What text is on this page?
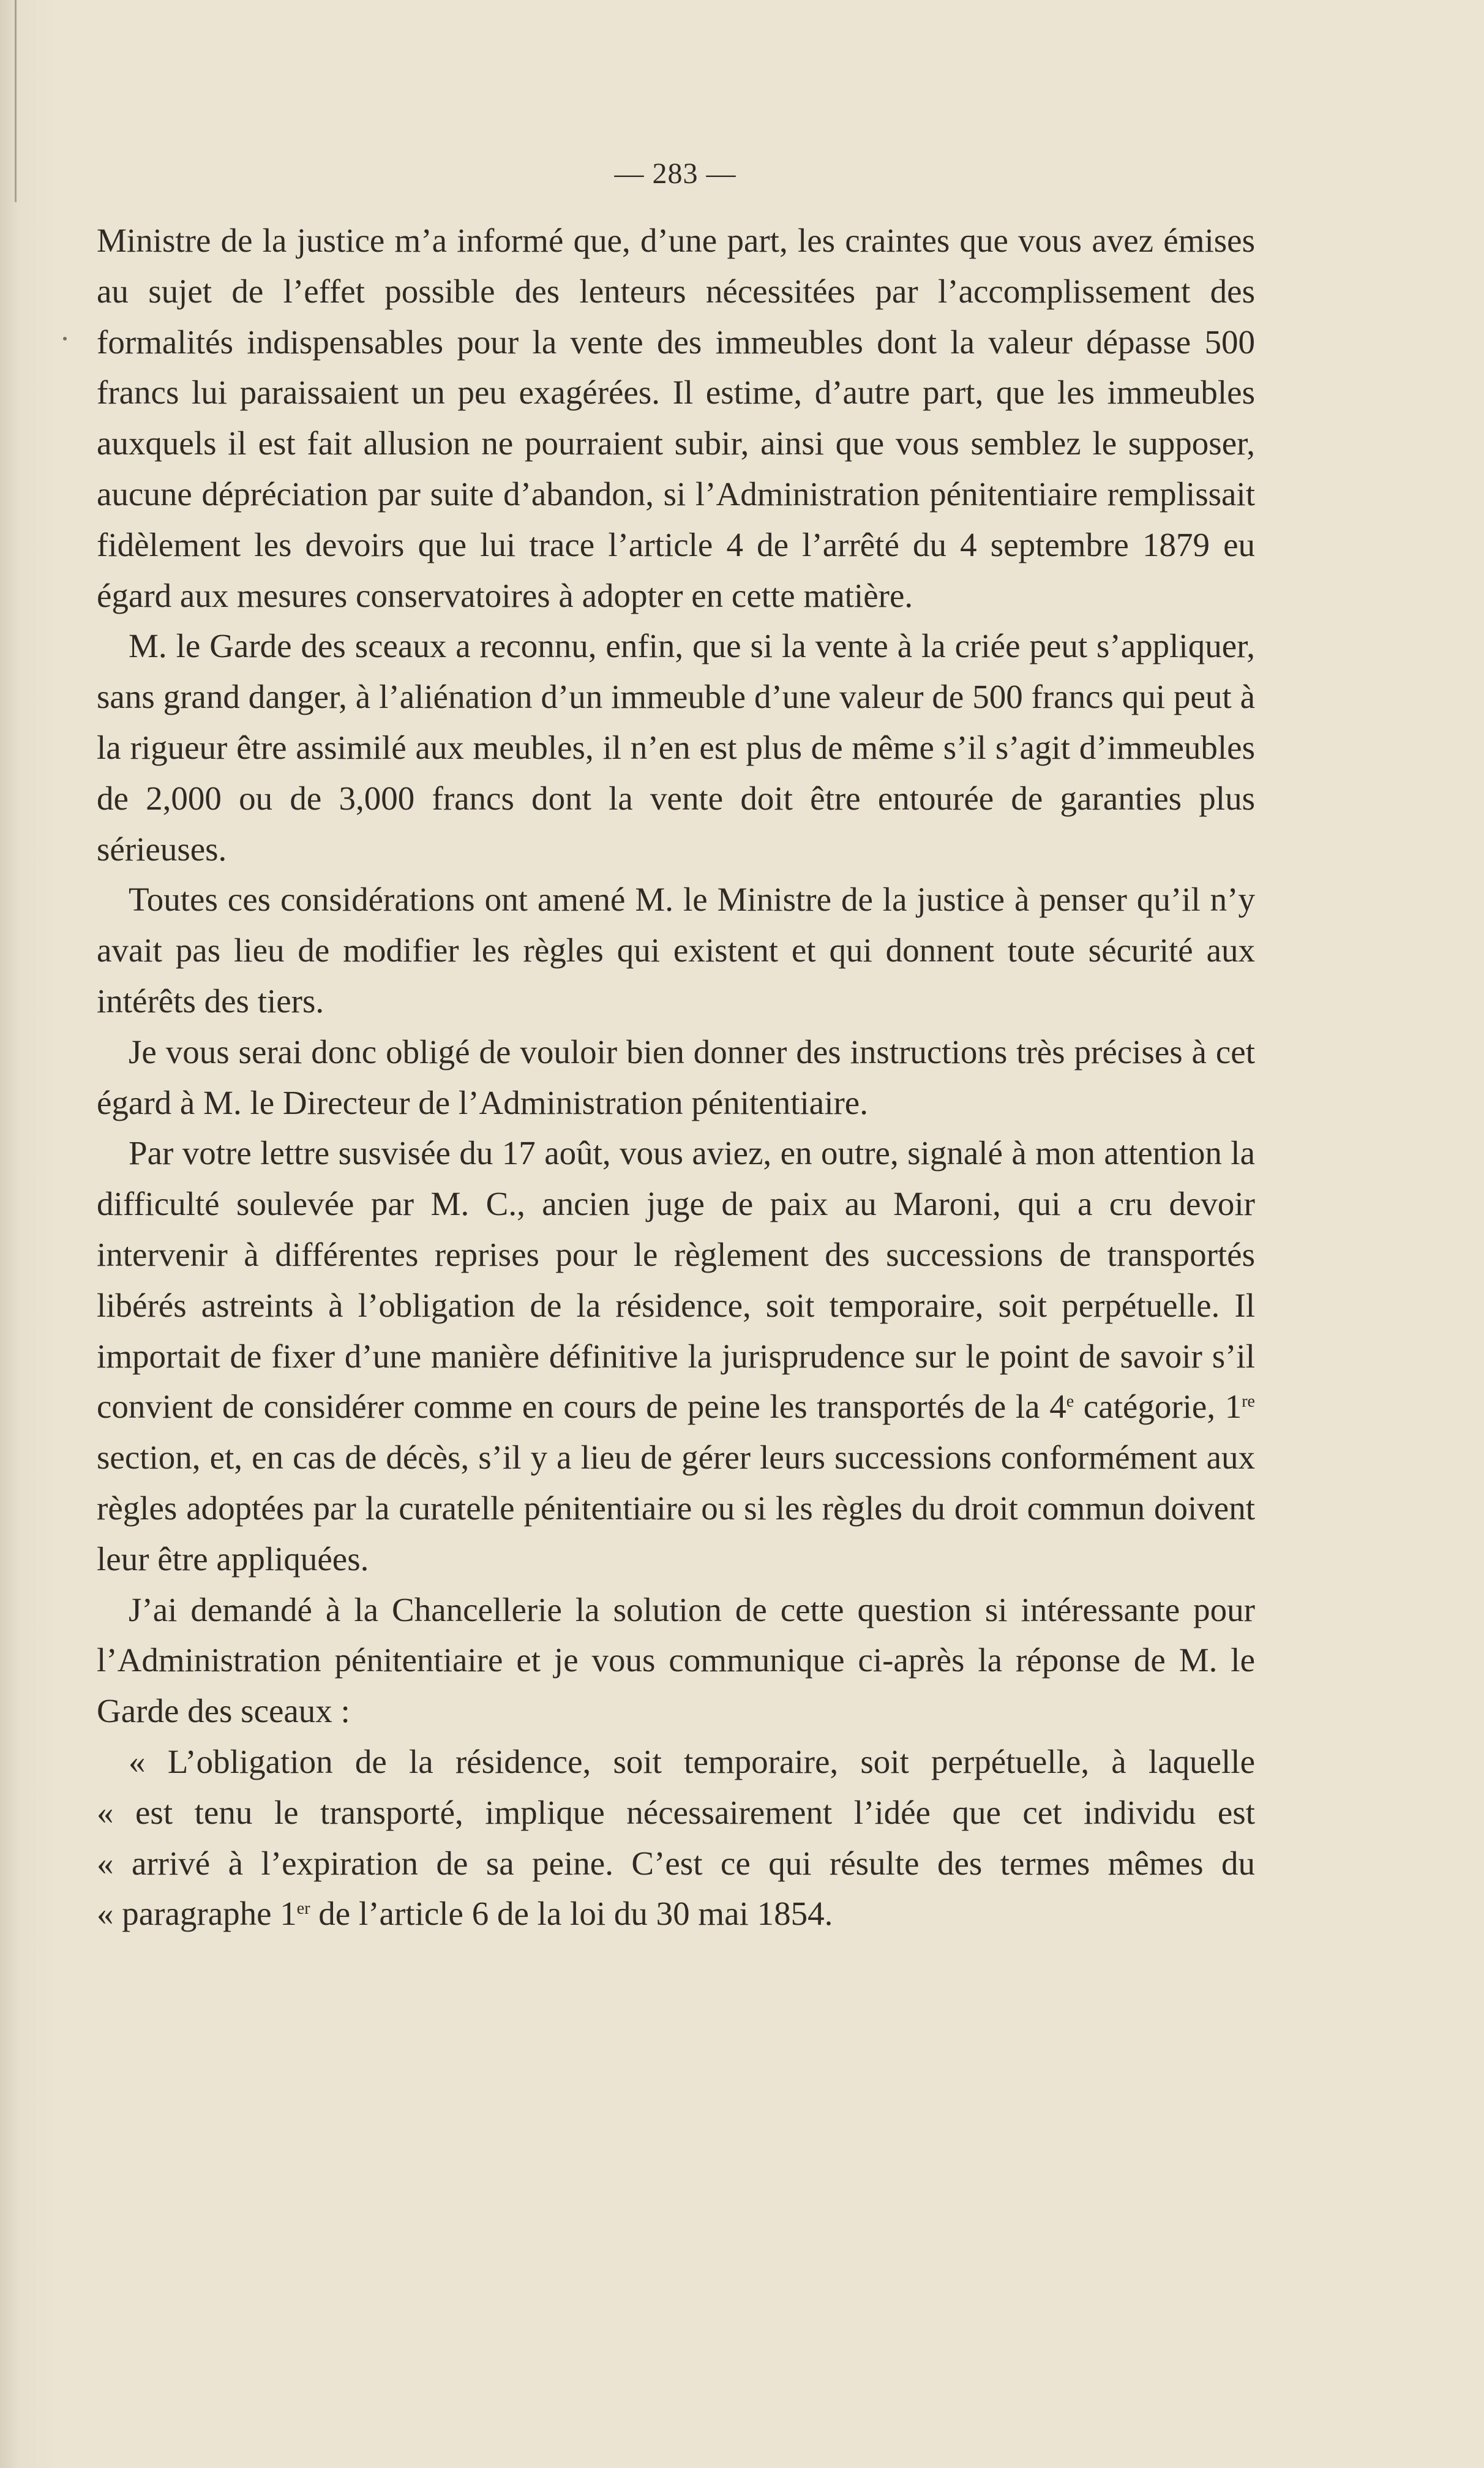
— 283 —

Ministre de la justice m’a informé que, d’une part, les craintes que vous avez émises au sujet de l’effet possible des lenteurs nécessitées par l’accomplissement des formalités indispensables pour la vente des immeubles dont la valeur dépasse 500 francs lui paraissaient un peu exagérées. Il estime, d’autre part, que les immeubles auxquels il est fait allusion ne pourraient subir, ainsi que vous semblez le supposer, aucune dépréciation par suite d’abandon, si l’Administration pénitentiaire remplissait fidèlement les devoirs que lui trace l’article 4 de l’arrêté du 4 septembre 1879 eu égard aux mesures conservatoires à adopter en cette matière.

M. le Garde des sceaux a reconnu, enfin, que si la vente à la criée peut s’appliquer, sans grand danger, à l’aliénation d’un immeuble d’une valeur de 500 francs qui peut à la rigueur être assimilé aux meubles, il n’en est plus de même s’il s’agit d’immeubles de 2,000 ou de 3,000 francs dont la vente doit être entourée de garanties plus sérieuses.

Toutes ces considérations ont amené M. le Ministre de la justice à penser qu’il n’y avait pas lieu de modifier les règles qui existent et qui donnent toute sécurité aux intérêts des tiers.

Je vous serai donc obligé de vouloir bien donner des instructions très précises à cet égard à M. le Directeur de l’Administration pénitentiaire.

Par votre lettre susvisée du 17 août, vous aviez, en outre, signalé à mon attention la difficulté soulevée par M. C., ancien juge de paix au Maroni, qui a cru devoir intervenir à différentes reprises pour le règlement des successions de transportés libérés astreints à l’obligation de la résidence, soit temporaire, soit perpétuelle. Il importait de fixer d’une manière définitive la jurisprudence sur le point de savoir s’il convient de considérer comme en cours de peine les transportés de la 4e catégorie, 1re section, et, en cas de décès, s’il y a lieu de gérer leurs successions conformément aux règles adoptées par la curatelle pénitentiaire ou si les règles du droit commun doivent leur être appliquées.

J’ai demandé à la Chancellerie la solution de cette question si intéressante pour l’Administration pénitentiaire et je vous communique ci-après la réponse de M. le Garde des sceaux :

« L’obligation de la résidence, soit temporaire, soit perpétuelle, à laquelle
« est tenu le transporté, implique nécessairement l’idée que cet individu est
« arrivé à l’expiration de sa peine. C’est ce qui résulte des termes mêmes du
« paragraphe 1er de l’article 6 de la loi du 30 mai 1854.
